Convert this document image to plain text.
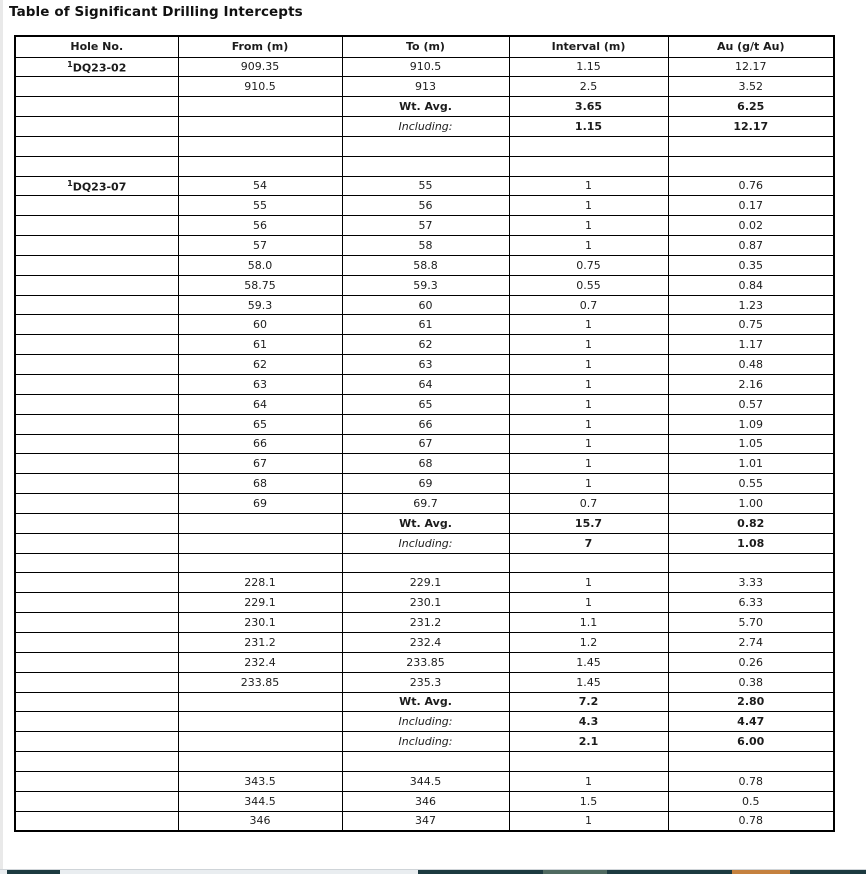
Table of Significant Drilling Intercepts
Hole No.	From (m)	To (m)	Interval (m)	Au (g/t Au)
$^1$DQ23-02	909.35	910.5	1.15	12.17
	910.5	913	2.5	3.52
		Wt. Avg.	3.65	6.25
		Including:	1.15	12.17

$^1$DQ23-07	54	55	1	0.76
	55	56	1	0.17
	56	57	1	0.02
	57	58	1	0.87
	58.0	58.8	0.75	0.35
	58.75	59.3	0.55	0.84
	59.3	60	0.7	1.23
	60	61	1	0.75
	61	62	1	1.17
	62	63	1	0.48
	63	64	1	2.16
	64	65	1	0.57
	65	66	1	1.09
	66	67	1	1.05
	67	68	1	1.01
	68	69	1	0.55
	69	69.7	0.7	1.00
		Wt. Avg.	15.7	0.82
		Including:	7	1.08

	228.1	229.1	1	3.33
	229.1	230.1	1	6.33
	230.1	231.2	1.1	5.70
	231.2	232.4	1.2	2.74
	232.4	233.85	1.45	0.26
	233.85	235.3	1.45	0.38
		Wt. Avg.	7.2	2.80
		Including:	4.3	4.47
		Including:	2.1	6.00

	343.5	344.5	1	0.78
	344.5	346	1.5	0.5
	346	347	1	0.78
